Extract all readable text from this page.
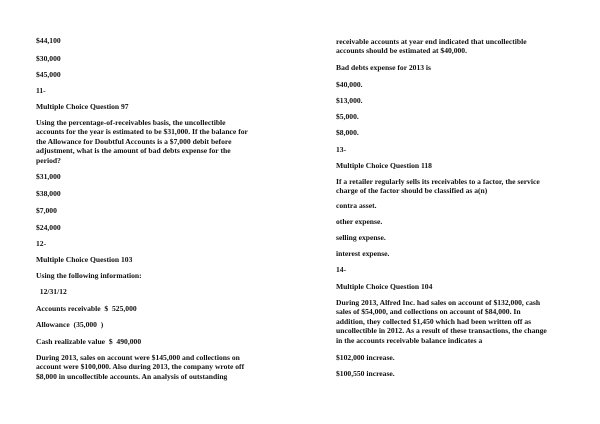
$44,100

$30,000

$45,000

11-

Multiple Choice Question 97

Using the percentage-of-receivables basis, the uncollectible
accounts for the year is estimated to be $31,000. If the balance for
the Allowance for Doubtful Accounts is a $7,000 debit before
adjustment, what is the amount of bad debts expense for the
period?

$31,000

$38,000

$7,000

$24,000

12-

Multiple Choice Question 103

Using the following information:

12/31/12

Accounts receivable  $  525,000

Allowance  (35,000  )

Cash realizable value  $  490,000

During 2013, sales on account were $145,000 and collections on
account were $100,000. Also during 2013, the company wrote off
$8,000 in uncollectible accounts. An analysis of outstanding

receivable accounts at year end indicated that uncollectible
accounts should be estimated at $40,000.

Bad debts expense for 2013 is

$40,000.

$13,000.

$5,000.

$8,000.

13-

Multiple Choice Question 118

If a retailer regularly sells its receivables to a factor, the service
charge of the factor should be classified as a(n)

contra asset.

other expense.

selling expense.

interest expense.

14-

Multiple Choice Question 104

During 2013, Alfred Inc. had sales on account of $132,000, cash
sales of $54,000, and collections on account of $84,000. In
addition, they collected $1,450 which had been written off as
uncollectible in 2012. As a result of these transactions, the change
in the accounts receivable balance indicates a

$102,000 increase.

$100,550 increase.
